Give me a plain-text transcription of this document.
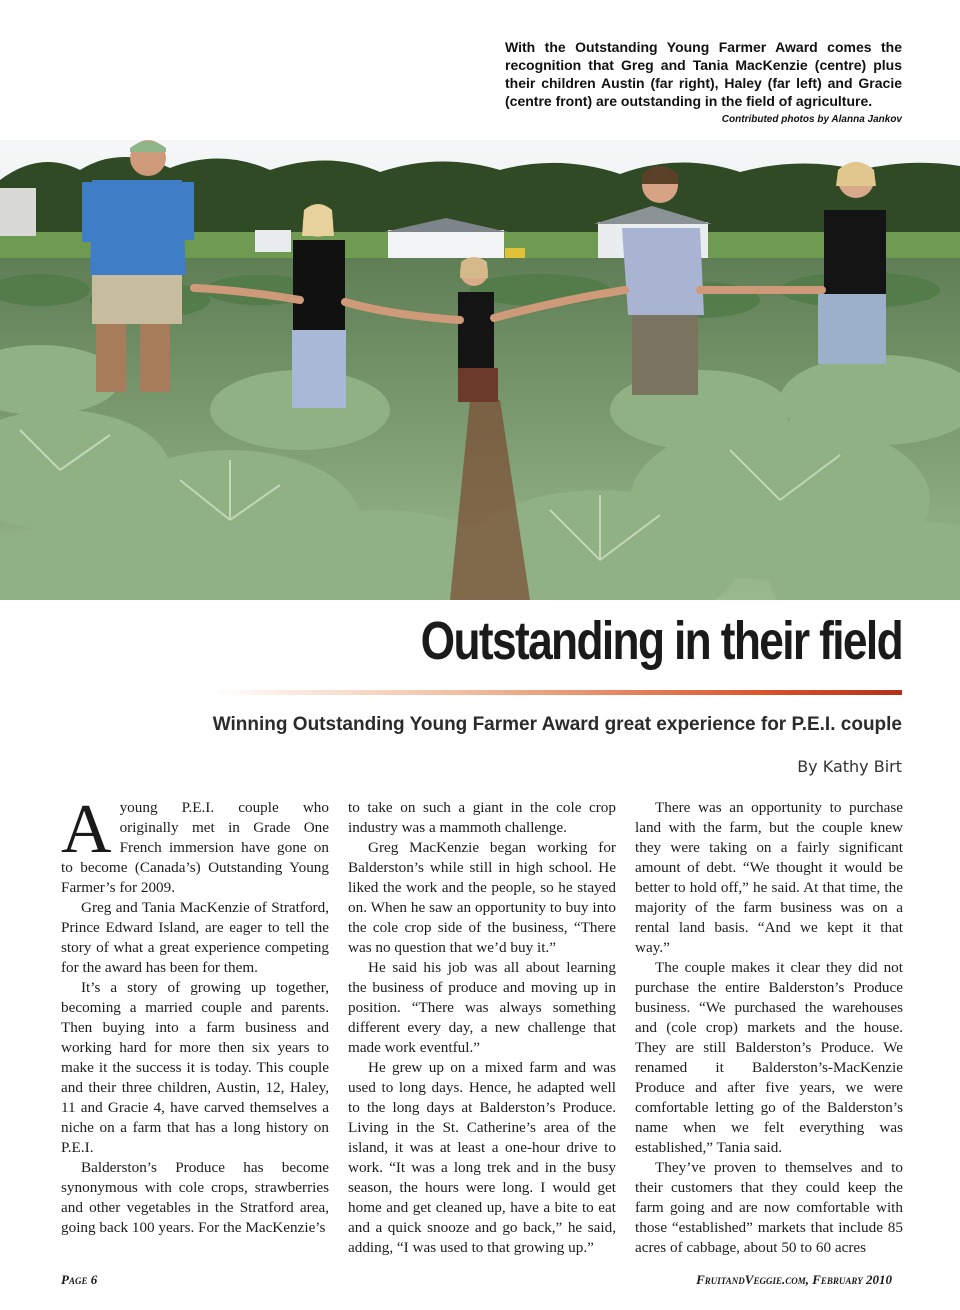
With the Outstanding Young Farmer Award comes the recognition that Greg and Tania MacKenzie (centre) plus their children Austin (far right), Haley (far left) and Gracie (centre front) are outstanding in the field of agriculture.
Contributed photos by Alanna Jankov
Outstanding in their field
Winning Outstanding Young Farmer Award great experience for P.E.I. couple
By Kathy Birt

A young P.E.I. couple who originally met in Grade One French immersion have gone on to become (Canada’s) Outstanding Young Farmer’s for 2009.

Greg and Tania MacKenzie of Stratford, Prince Edward Island, are eager to tell the story of what a great experience competing for the award has been for them.

It’s a story of growing up together, becoming a married couple and parents. Then buying into a farm business and working hard for more then six years to make it the success it is today. This couple and their three children, Austin, 12, Haley, 11 and Gracie 4, have carved themselves a niche on a farm that has a long history on P.E.I.

Balderston’s Produce has become synonymous with cole crops, strawberries and other vegetables in the Stratford area, going back 100 years. For the MacKenzie’s

to take on such a giant in the cole crop industry was a mammoth challenge.

Greg MacKenzie began working for Balderston’s while still in high school. He liked the work and the people, so he stayed on. When he saw an opportunity to buy into the cole crop side of the business, “There was no question that we’d buy it.”

He said his job was all about learning the business of produce and moving up in position. “There was always something different every day, a new challenge that made work eventful.”

He grew up on a mixed farm and was used to long days. Hence, he adapted well to the long days at Balderston’s Produce. Living in the St. Catherine’s area of the island, it was at least a one-hour drive to work. “It was a long trek and in the busy season, the hours were long. I would get home and get cleaned up, have a bite to eat and a quick snooze and go back,” he said, adding, “I was used to that growing up.”

There was an opportunity to purchase land with the farm, but the couple knew they were taking on a fairly significant amount of debt. “We thought it would be better to hold off,” he said. At that time, the majority of the farm business was on a rental land basis. “And we kept it that way.”

The couple makes it clear they did not purchase the entire Balderston’s Produce business. “We purchased the warehouses and (cole crop) markets and the house. They are still Balderston’s Produce. We renamed it Balderston’s-MacKenzie Produce and after five years, we were comfortable letting go of the Balderston’s name when we felt everything was established,” Tania said.

They’ve proven to themselves and to their customers that they could keep the farm going and are now comfortable with those “established” markets that include 85 acres of cabbage, about 50 to 60 acres

Page 6	FruitandVeggie.com, February 2010
